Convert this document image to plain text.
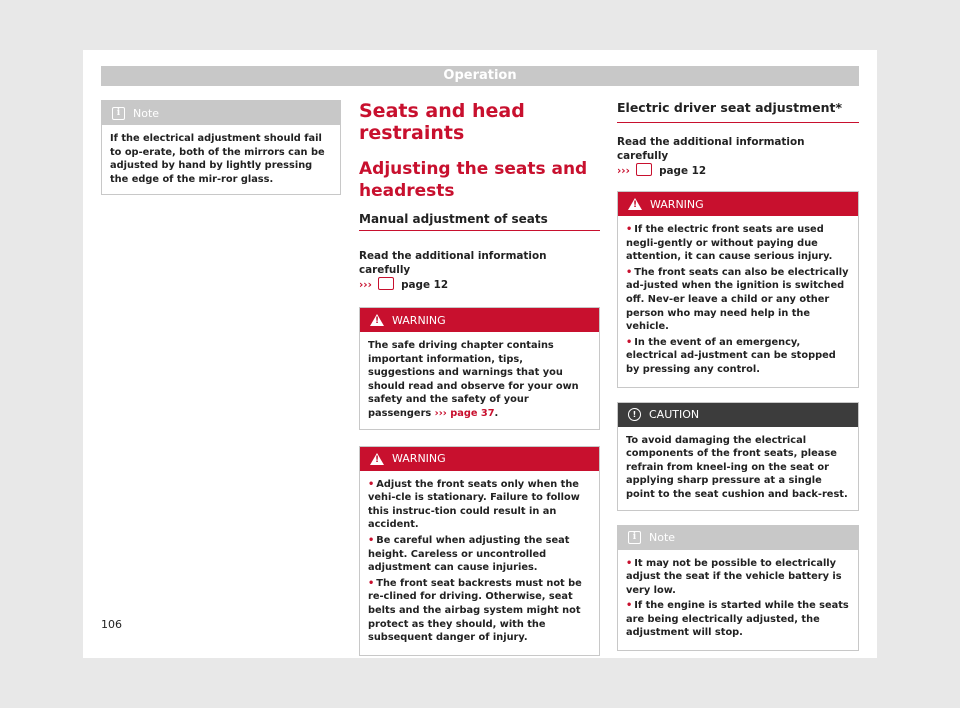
Operation
i	Note
If the electrical adjustment should fail to op-erate, both of the mirrors can be adjusted by hand by lightly pressing the edge of the mir-ror glass.
Seats and head restraints
Adjusting the seats and headrests
Manual adjustment of seats
Read the additional information carefully
›››	page 12
!
WARNING
The safe driving chapter contains important information, tips, suggestions and warnings that you should read and observe for your own safety and the safety of your passengers ››› page 37.
!
WARNING

• Adjust the front seats only when the vehi-cle is stationary. Failure to follow this instruc-tion could result in an accident.

• Be careful when adjusting the seat height. Careless or uncontrolled adjustment can cause injuries.

• The front seat backrests must not be re-clined for driving. Otherwise, seat belts and the airbag system might not protect as they should, with the subsequent danger of injury.

Electric driver seat adjustment*
Read the additional information carefully
›››	page 12
!
WARNING

• If the electric front seats are used negli-gently or without paying due attention, it can cause serious injury.

• The front seats can also be electrically ad-justed when the ignition is switched off. Nev-er leave a child or any other person who may need help in the vehicle.

• In the event of an emergency, electrical ad-justment can be stopped by pressing any control.

!	CAUTION
To avoid damaging the electrical components of the front seats, please refrain from kneel-ing on the seat or applying sharp pressure at a single point to the seat cushion and back-rest.
i	Note

• It may not be possible to electrically adjust the seat if the vehicle battery is very low.

• If the engine is started while the seats are being electrically adjusted, the adjustment will stop.

106
